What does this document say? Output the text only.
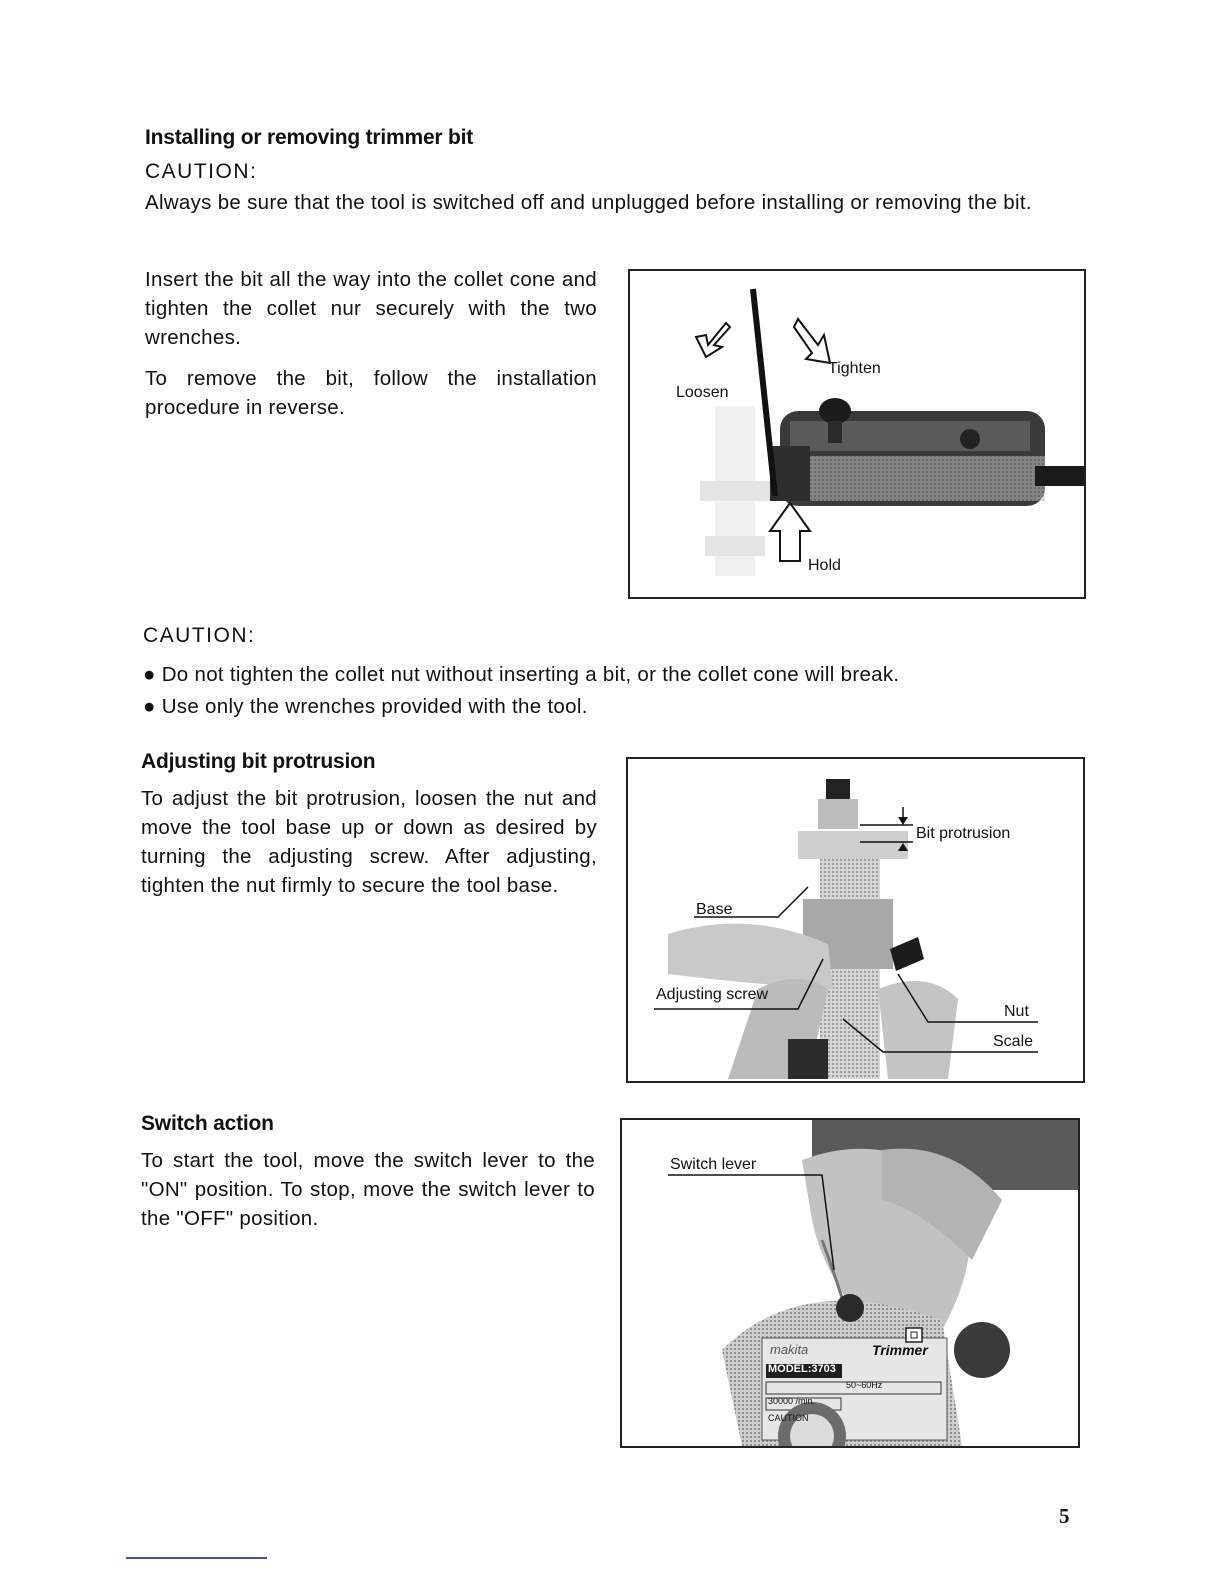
Installing or removing trimmer bit
CAUTION:
Always be sure that the tool is switched off and unplugged before installing or removing the bit.
Insert the bit all the way into the collet cone and tighten the collet nur securely with the two wrenches.
To remove the bit, follow the installation procedure in reverse.
Loosen
Tighten
Hold
CAUTION:
● Do not tighten the collet nut without inserting a bit, or the collet cone will break.
● Use only the wrenches provided with the tool.
Adjusting bit protrusion
To adjust the bit protrusion, loosen the nut and move the tool base up or down as desired by turning the adjusting screw. After adjusting, tighten the nut firmly to secure the tool base.
Bit protrusion
Base
Adjusting screw
Nut
Scale
Switch action
To start the tool, move the switch lever to the "ON" position. To stop, move the switch lever to the "OFF" position.
Switch lever
makita	Trimmer
MODEL:3703
50~60Hz
30000 /min.
CAUTION
5
